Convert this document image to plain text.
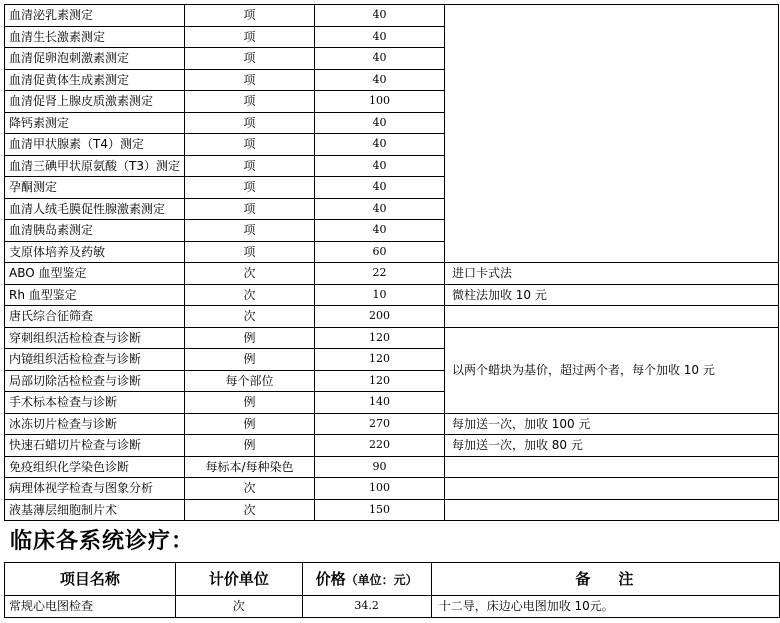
血清泌乳素测定	项	40	
血清生长激素测定	项	40	
血清促卵泡刺激素测定	项	40	
血清促黄体生成素测定	项	40	
血清促肾上腺皮质激素测定	项	100	
降钙素测定	项	40	
血清甲状腺素（T4）测定	项	40	
血清三碘甲状原氨酸（T3）测定	项	40	
孕酮测定	项	40	
血清人绒毛膜促性腺激素测定	项	40	
血清胰岛素测定	项	40	
支原体培养及药敏	项	60	
ABO 血型鉴定	次	22	进口卡式法
Rh 血型鉴定	次	10	微柱法加收 10 元
唐氏综合征筛查	次	200	
穿刺组织活检检查与诊断	例	120	以两个蜡块为基价，超过两个者，每个加收 10 元
内镜组织活检检查与诊断	例	120	
局部切除活检检查与诊断	每个部位	120	
手术标本检查与诊断	例	140	
冰冻切片检查与诊断	例	270	每加送一次，加收 100 元
快速石蜡切片检查与诊断	例	220	每加送一次，加收 80 元
免疫组织化学染色诊断	每标本/每种染色	90	
病理体视学检查与图象分析	次	100	
液基薄层细胞制片术	次	150	
临床各系统诊疗：
项目名称	计价单位	价格（单位：元）	备注
常规心电图检查	次	34.2	十二导，床边心电图加收 10元。
